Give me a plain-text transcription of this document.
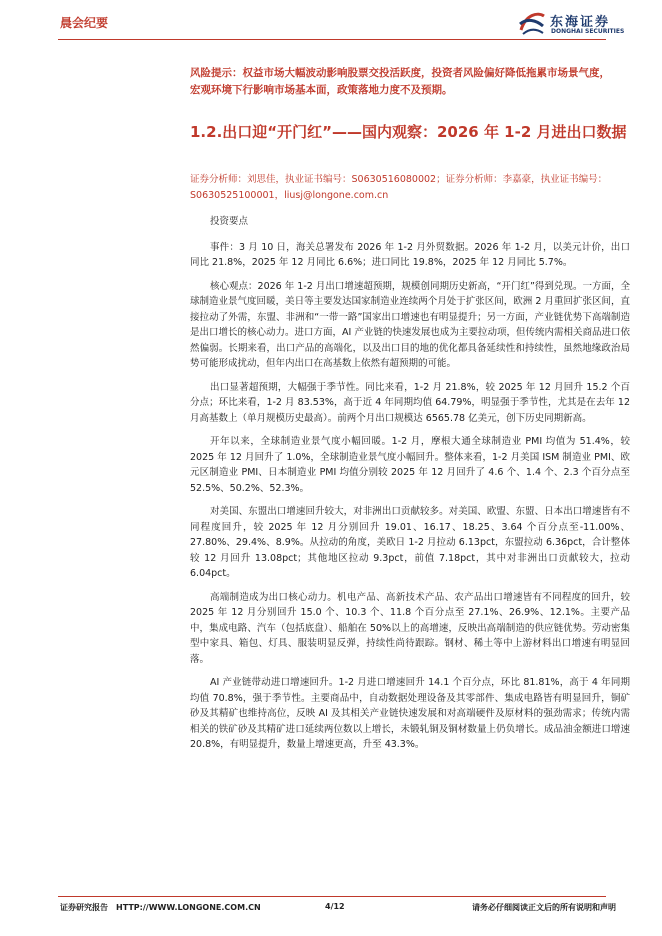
晨会纪要	东海证券
DONGHAI SECURITIES

风险提示：权益市场大幅波动影响股票交投活跃度，投资者风险偏好降低拖累市场景气度，宏观环境下行影响市场基本面，政策落地力度不及预期。

1.2.出口迎“开门红”——国内观察：2026 年 1-2 月进出口数据

证券分析师：刘思佳，执业证书编号：S0630516080002；证券分析师：李嘉豪，执业证书编号：S0630525100001，liusj@longone.com.cn

投资要点

事件：3 月 10 日，海关总署发布 2026 年 1-2 月外贸数据。2026 年 1-2 月，以美元计价，出口同比 21.8%，2025 年 12 月同比 6.6%；进口同比 19.8%，2025 年 12 月同比 5.7%。

核心观点：2026 年 1-2 月出口增速超预期，规模创同期历史新高，“开门红”得到兑现。一方面，全球制造业景气度回暖，美日等主要发达国家制造业连续两个月处于扩张区间，欧洲 2 月重回扩张区间，直接拉动了外需，东盟、非洲和“一带一路”国家出口增速也有明显提升；另一方面，产业链优势下高端制造是出口增长的核心动力。进口方面，AI 产业链的快速发展也成为主要拉动项，但传统内需相关商品进口依然偏弱。长期来看，出口产品的高端化，以及出口目的地的优化都具备延续性和持续性，虽然地缘政治局势可能形成扰动，但年内出口在高基数上依然有超预期的可能。

出口显著超预期，大幅强于季节性。同比来看，1-2 月 21.8%，较 2025 年 12 月回升 15.2 个百分点；环比来看，1-2 月 83.53%，高于近 4 年同期均值 64.79%，明显强于季节性，尤其是在去年 12 月高基数上（单月规模历史最高）。前两个月出口规模达 6565.78 亿美元，创下历史同期新高。

开年以来，全球制造业景气度小幅回暖。1-2 月，摩根大通全球制造业 PMI 均值为 51.4%，较 2025 年 12 月回升了 1.0%，全球制造业景气度小幅回升。整体来看，1-2 月美国 ISM 制造业 PMI、欧元区制造业 PMI、日本制造业 PMI 均值分别较 2025 年 12 月回升了 4.6 个、1.4 个、2.3 个百分点至 52.5%、50.2%、52.3%。

对美国、东盟出口增速回升较大，对非洲出口贡献较多。对美国、欧盟、东盟、日本出口增速皆有不同程度回升，较 2025 年 12 月分别回升 19.01、16.17、18.25、3.64 个百分点至-11.00%、27.80%、29.4%、8.9%。从拉动的角度，美欧日 1-2 月拉动 6.13pct，东盟拉动 6.36pct，合计整体较 12 月回升 13.08pct；其他地区拉动 9.3pct，前值 7.18pct，其中对非洲出口贡献较大，拉动 6.04pct。

高端制造成为出口核心动力。机电产品、高新技术产品、农产品出口增速皆有不同程度的回升，较 2025 年 12 月分别回升 15.0 个、10.3 个、11.8 个百分点至 27.1%、26.9%、12.1%。主要产品中，集成电路、汽车（包括底盘）、船舶在 50%以上的高增速，反映出高端制造的供应链优势。劳动密集型中家具、箱包、灯具、服装明显反弹，持续性尚待跟踪。钢材、稀土等中上游材料出口增速有明显回落。

AI 产业链带动进口增速回升。1-2 月进口增速回升 14.1 个百分点，环比 81.81%，高于 4 年同期均值 70.8%，强于季节性。主要商品中，自动数据处理设备及其零部件、集成电路皆有明显回升，铜矿砂及其精矿也维持高位，反映 AI 及其相关产业链快速发展和对高端硬件及原材料的强劲需求；传统内需相关的铁矿砂及其精矿进口延续两位数以上增长，未锻轧铜及铜材数量上仍负增长。成品油金额进口增速 20.8%，有明显提升，数量上增速更高，升至 43.3%。

证券研究报告　HTTP://WWW.LONGONE.COM.CN	4/12	请务必仔细阅读正文后的所有说明和声明
